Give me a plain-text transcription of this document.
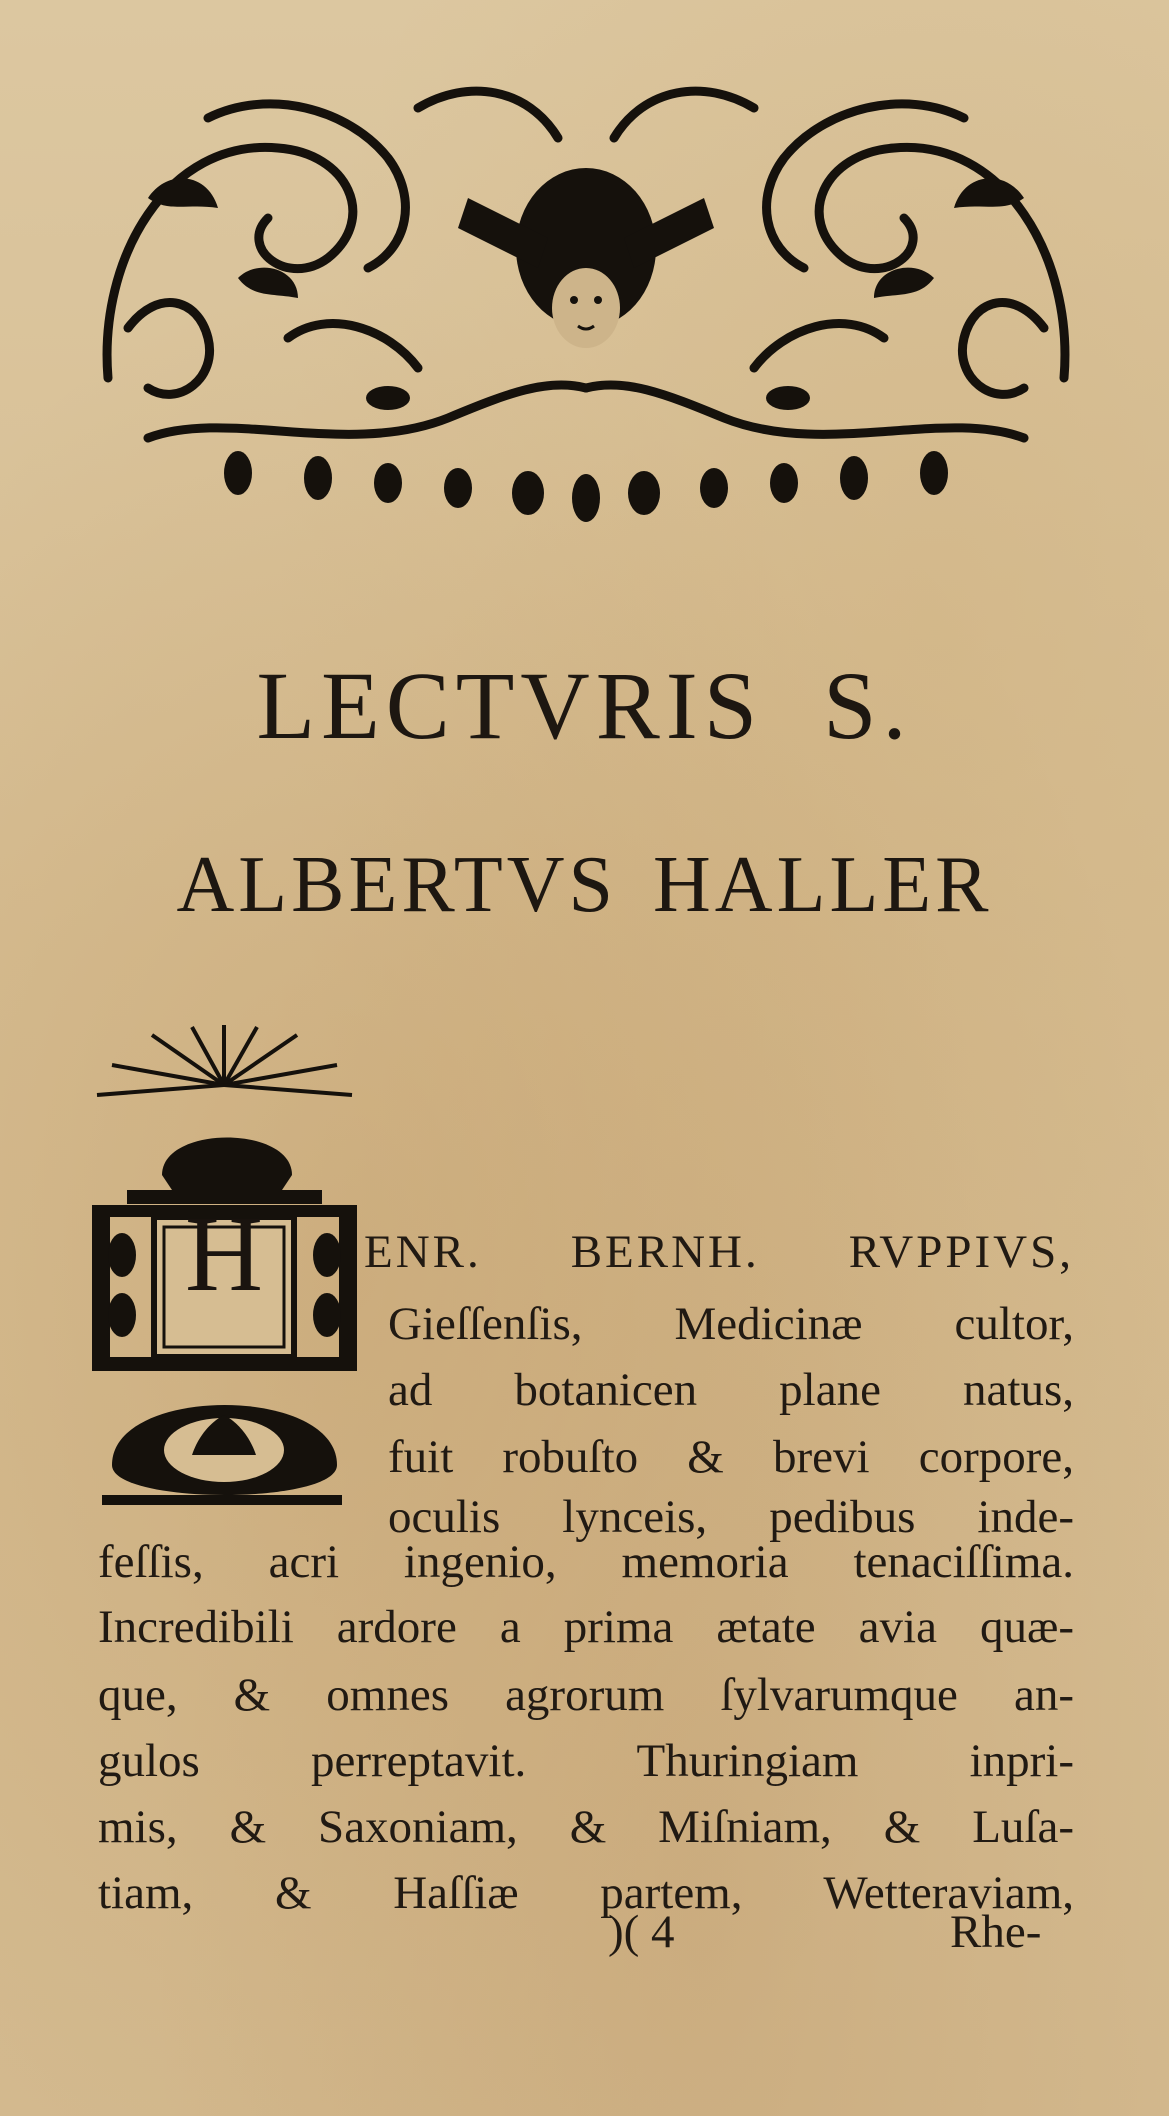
LECTVRIS S.
ALBERTVS HALLER
H	ENR. BERNH. RVPPIVS,
Gieſſenſis, Medicinæ cultor,
ad botanicen plane natus,
fuit robuſto & brevi corpore,
oculis lynceis, pedibus inde-
feſſis, acri ingenio, memoria tenaciſſima.
Incredibili ardore a prima ætate avia quæ-
que, & omnes agrorum ſylvarumque an-
gulos perreptavit. Thuringiam inpri-
mis, & Saxoniam, & Miſniam, & Luſa-
tiam, & Haſſiæ partem, Wetteraviam,
)( 4	Rhe-
